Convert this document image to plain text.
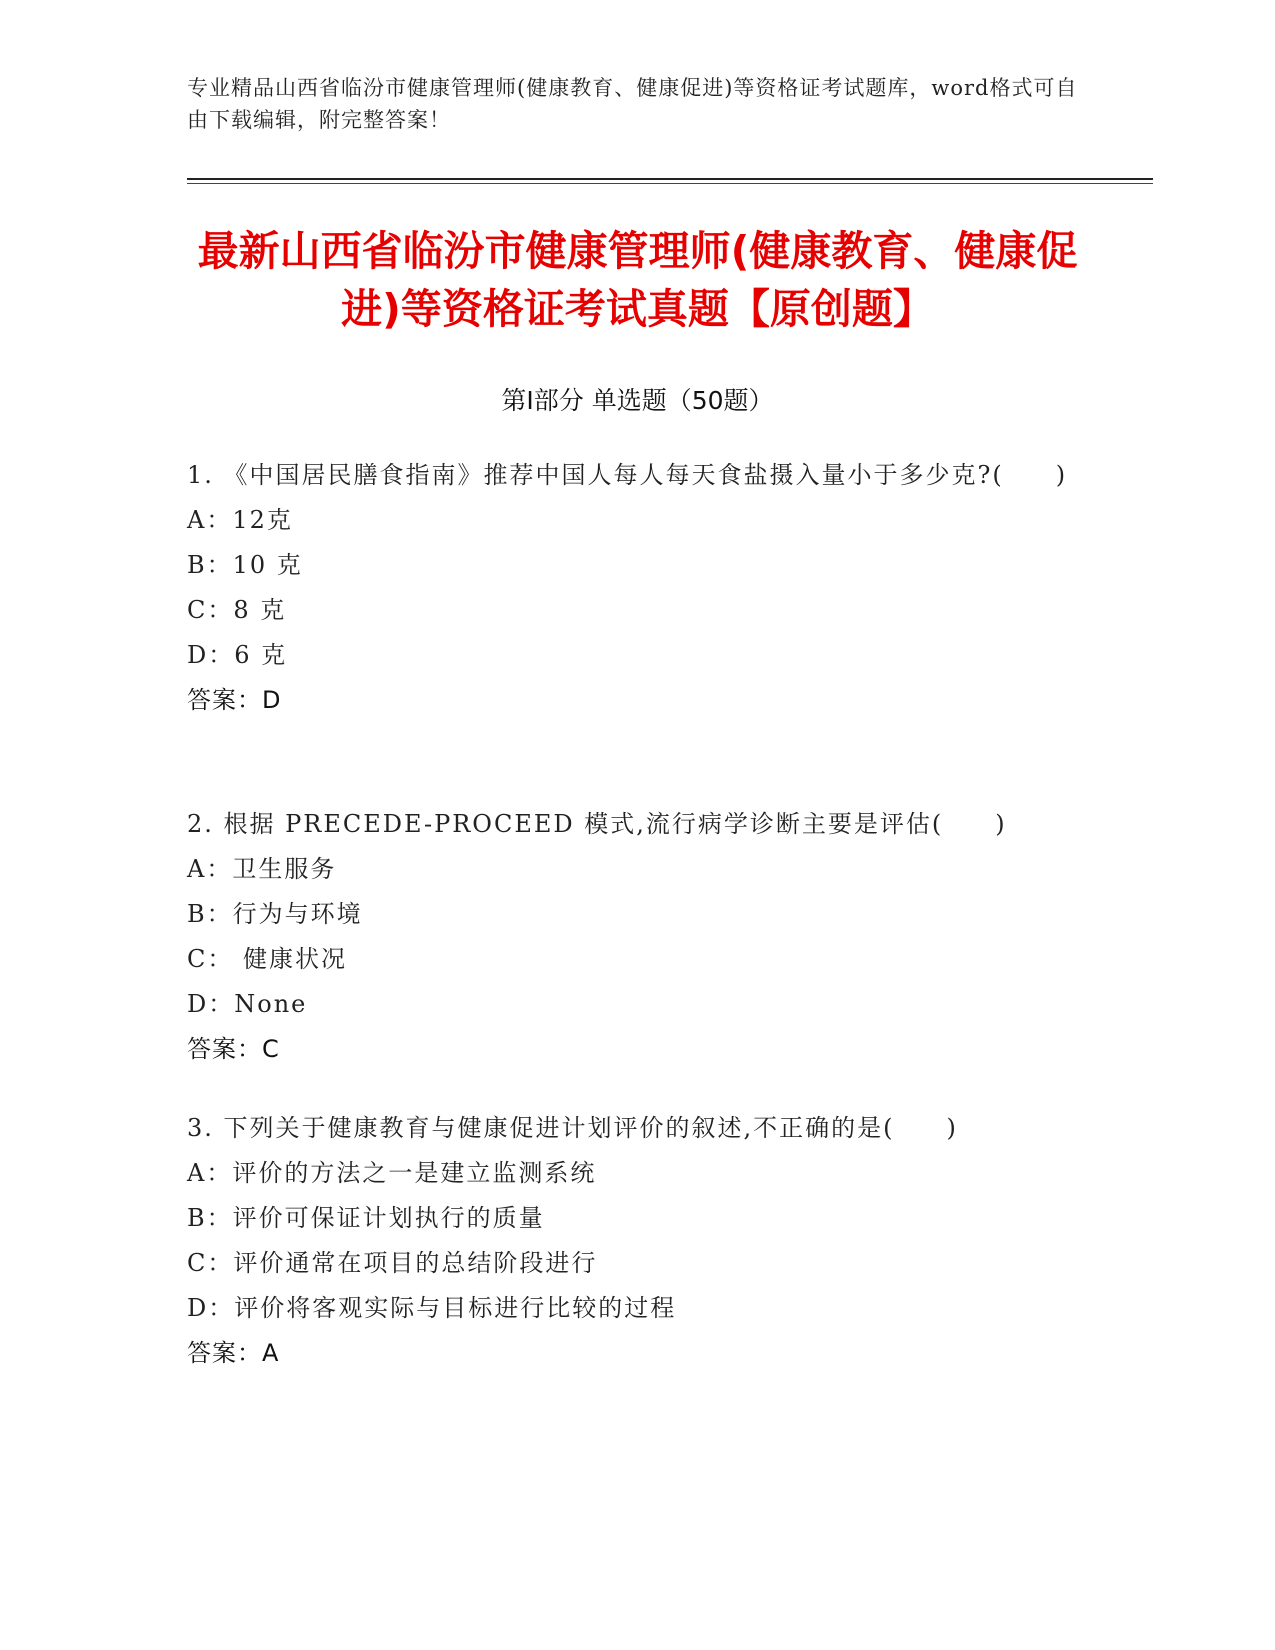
专业精品山西省临汾市健康管理师(健康教育、健康促进)等资格证考试题库，word格式可自由下载编辑，附完整答案！
最新山西省临汾市健康管理师(健康教育、健康促进)等资格证考试真题【原创题】
第Ⅰ部分 单选题（50题）

1. 《中国居民膳食指南》推荐中国人每人每天食盐摄入量小于多少克?(　　)

A：12克

B：10 克

C：8 克

D：6 克

答案：D

2. 根据 PRECEDE-PROCEED 模式,流行病学诊断主要是评估(　　)

A：卫生服务

B：行为与环境

C： 健康状况

D：None

答案：C

3. 下列关于健康教育与健康促进计划评价的叙述,不正确的是(　　)

A：评价的方法之一是建立监测系统

B：评价可保证计划执行的质量

C：评价通常在项目的总结阶段进行

D：评价将客观实际与目标进行比较的过程

答案：A
